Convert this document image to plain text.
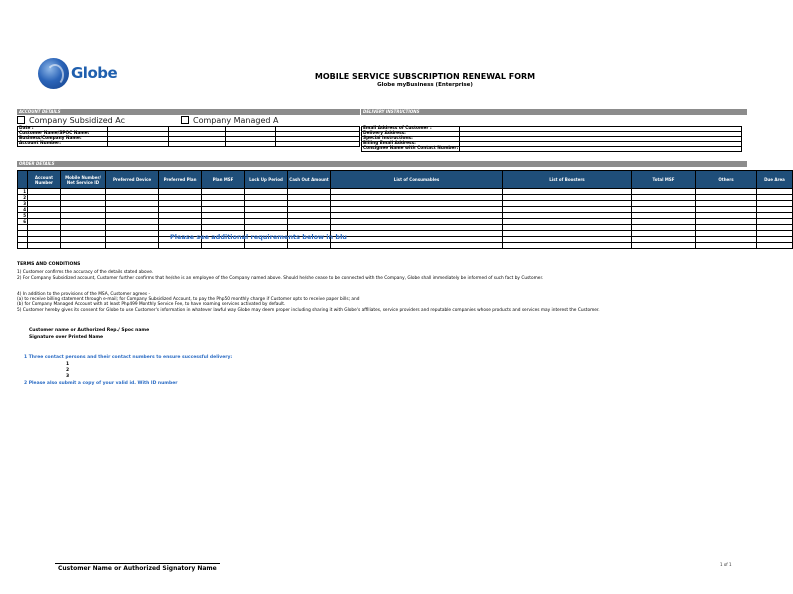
Globe	MOBILE SERVICE SUBSCRIPTION RENEWAL FORM
Globe myBusiness (Enterprise)
ACCOUNT DETAILS	DELIVERY INSTRUCTIONS
Company Subsidized Ac	Company Managed A
Date :				
Customer Name/SPOC Name:				
Business/Company Name:				
Account Number:				
Email Address of Customer :	
Delivery Address:	
Special Instructions:	
Billing Email Address:	
Consignee Name with Contact Number:	
ORDER DETAILS
	Account Number	Mobile Number/ Net Service ID	Preferred Device	Preferred Plan	Plan MSF	Lock Up Period	Cash Out Amount	List of Consumables	List of Boosters	Total MSF	Others	Due Area
1												
2												
3												
4												
5												
6												

Please see additional requirements below in blu
TERMS AND CONDITIONS
1) Customer confirms the accuracy of the details stated above.
2) For Company Subsidized account, Customer further confirms that he/she is an employee of the Company named above. Should he/she cease to be connected with the Company, Globe shall immediately be informed of such fact by Customer.
4) In addition to the provisions of the MSA, Customer agrees -
(a) to receive billing statement through e-mail; for Company Subsidized Account, to pay the Php50 monthly charge if Customer opts to receive paper bills; and
(b) for Company Managed Account with at least Php499 Monthly Service Fee, to have roaming services activated by default.
5) Customer hereby gives its consent for Globe to use Customer's information in whatever lawful way Globe may deem proper including sharing it with Globe's affiliates, service providers and reputable companies whose products and services may interest the Customer.
Customer name or Authorized Rep./ Spoc name
Signature over Printed Name
1 Three contact persons and their contact numbers to ensure successful delivery:
1
2
3
2 Please also submit a copy of your valid id. With ID number
Customer Name or Authorized Signatory Name
1 of 1
